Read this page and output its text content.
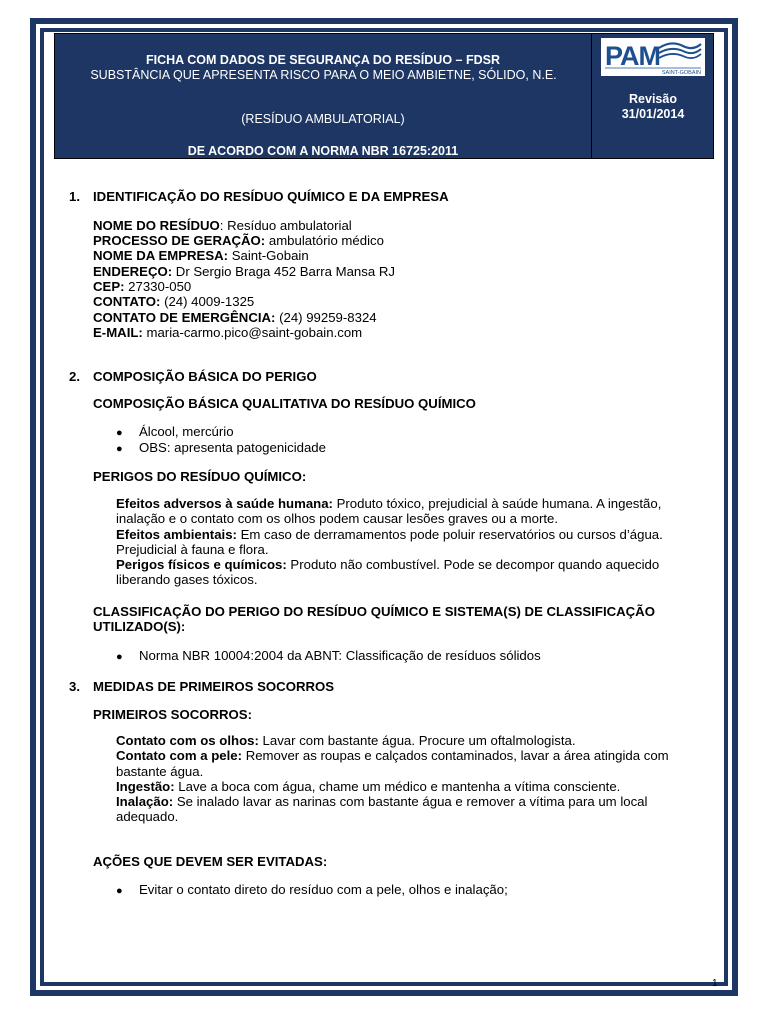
FICHA COM DADOS DE SEGURANÇA DO RESÍDUO – FDSR
SUBSTÂNCIA QUE APRESENTA RISCO PARA O MEIO AMBIETNE, SÓLIDO, N.E.
(RESÍDUO AMBULATORIAL)
DE ACORDO COM A NORMA NBR 16725:2011
PAM
SAINT-GOBAIN
Revisão
31/01/2014
1. IDENTIFICAÇÃO DO RESÍDUO QUÍMICO E DA EMPRESA
NOME DO RESÍDUO: Resíduo ambulatorial
PROCESSO DE GERAÇÃO: ambulatório médico
NOME DA EMPRESA: Saint-Gobain
ENDEREÇO: Dr Sergio Braga 452 Barra Mansa RJ
CEP: 27330-050
CONTATO: (24) 4009-1325
CONTATO DE EMERGÊNCIA: (24) 99259-8324
E-MAIL: maria-carmo.pico@saint-gobain.com
2. COMPOSIÇÃO BÁSICA DO PERIGO
COMPOSIÇÃO BÁSICA QUALITATIVA DO RESÍDUO QUÍMICO
● Álcool, mercúrio
● OBS: apresenta patogenicidade
PERIGOS DO RESÍDUO QUÍMICO:
Efeitos adversos à saúde humana: Produto tóxico, prejudicial à saúde humana. A ingestão, inalação e o contato com os olhos podem causar lesões graves ou a morte.
Efeitos ambientais: Em caso de derramamentos pode poluir reservatórios ou cursos d’água. Prejudicial à fauna e flora.
Perigos físicos e químicos: Produto não combustível. Pode se decompor quando aquecido liberando gases tóxicos.
CLASSIFICAÇÃO DO PERIGO DO RESÍDUO QUÍMICO E SISTEMA(S) DE CLASSIFICAÇÃO
UTILIZADO(S):
● Norma NBR 10004:2004 da ABNT: Classificação de resíduos sólidos
3. MEDIDAS DE PRIMEIROS SOCORROS
PRIMEIROS SOCORROS:
Contato com os olhos: Lavar com bastante água. Procure um oftalmologista.
Contato com a pele: Remover as roupas e calçados contaminados, lavar a área atingida com bastante água.
Ingestão: Lave a boca com água, chame um médico e mantenha a vítima consciente.
Inalação: Se inalado lavar as narinas com bastante água e remover a vítima para um local adequado.
AÇÕES QUE DEVEM SER EVITADAS:
● Evitar o contato direto do resíduo com a pele, olhos e inalação;
1
